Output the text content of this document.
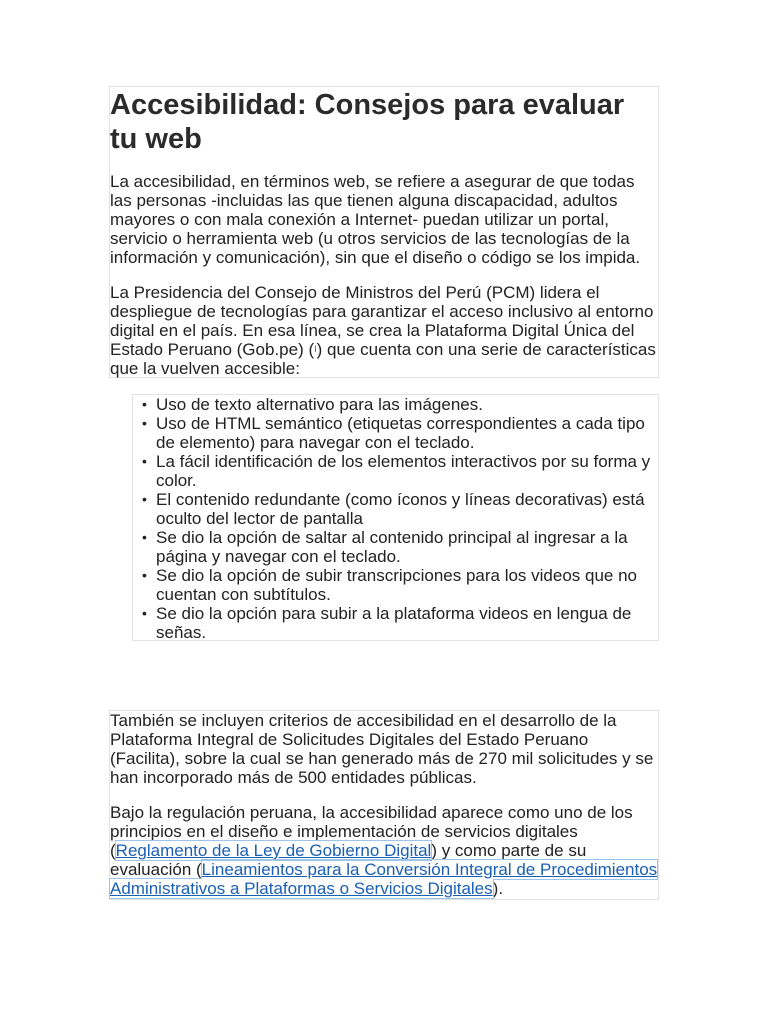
Accesibilidad: Consejos para evaluar tu web

La accesibilidad, en términos web, se refiere a asegurar de que todas las personas -incluidas las que tienen alguna discapacidad, adultos mayores o con mala conexión a Internet- puedan utilizar un portal, servicio o herramienta web (u otros servicios de las tecnologías de la información y comunicación), sin que el diseño o código se los impida.

La Presidencia del Consejo de Ministros del Perú (PCM) lidera el despliegue de tecnologías para garantizar el acceso inclusivo al entorno digital en el país. En esa línea, se crea la Plataforma Digital Única del Estado Peruano (Gob.pe) (I) que cuenta con una serie de características que la vuelven accesible:

• Uso de texto alternativo para las imágenes.
• Uso de HTML semántico (etiquetas correspondientes a cada tipo de elemento) para navegar con el teclado.
• La fácil identificación de los elementos interactivos por su forma y color.
• El contenido redundante (como íconos y líneas decorativas) está oculto del lector de pantalla
• Se dio la opción de saltar al contenido principal al ingresar a la página y navegar con el teclado.
• Se dio la opción de subir transcripciones para los videos que no cuentan con subtítulos.
• Se dio la opción para subir a la plataforma videos en lengua de señas.

También se incluyen criterios de accesibilidad en el desarrollo de la Plataforma Integral de Solicitudes Digitales del Estado Peruano (Facilita), sobre la cual se han generado más de 270 mil solicitudes y se han incorporado más de 500 entidades públicas.

Bajo la regulación peruana, la accesibilidad aparece como uno de los principios en el diseño e implementación de servicios digitales (Reglamento de la Ley de Gobierno Digital) y como parte de su evaluación (Lineamientos para la Conversión Integral de Procedimientos Administrativos a Plataformas o Servicios Digitales).
